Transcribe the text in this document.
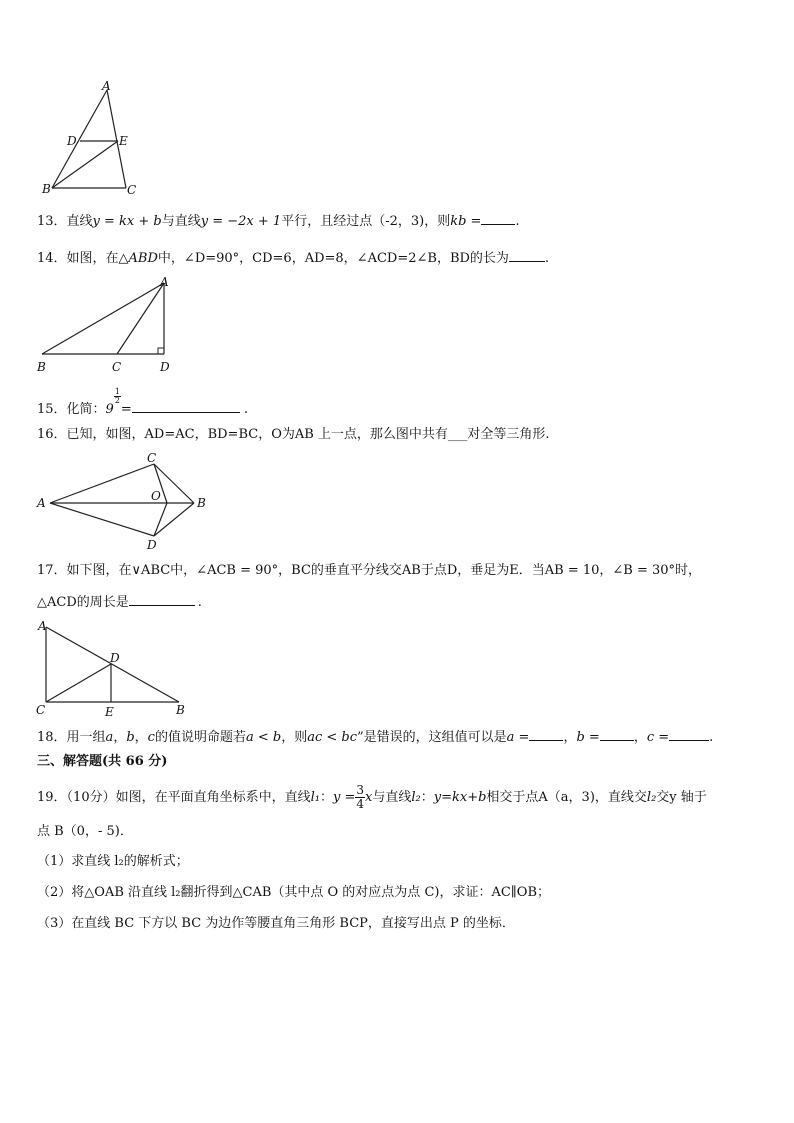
A
D	E
B	C
13．直线y = kx + b与直线y = −2x + 1平行，且经过点（-2，3)，则kb =	.
14．如图，在△ABD中，∠D=90°，CD=6，AD=8，∠ACD=2∠B，BD的长为	.
A
B	C	D
15．化简：9
$\frac{1}{2}$
=	.
16．已知，如图，AD=AC，BD=BC，O为AB 上一点，那么图中共有___对全等三角形.
C
A	O	B
D
17．如下图，在∨ABC中，∠ACB = 90°，BC的垂直平分线交AB于点D，垂足为E．当AB = 10，∠B = 30°时，
△ACD的周长是	.
A
D
C	E	B
18．用一组a，b，c的值说明命题若a < b，则ac < bc”是错误的，这组值可以是a =	，b =	，c =	.
三、解答题(共 66 分)
19．（10分）如图，在平面直角坐标系中，直线l₁：$y = \frac{3}{4}$ x与直线l₂：y=kx+b相交于点A（a，3)，直线交l₂交y 轴于
点 B（0，- 5)．
（1）求直线 l₂的解析式；
（2）将△OAB 沿直线 l₂翻折得到△CAB（其中点 O 的对应点为点 C)，求证：AC∥OB；
（3）在直线 BC 下方以 BC 为边作等腰直角三角形 BCP，直接写出点 P 的坐标．
